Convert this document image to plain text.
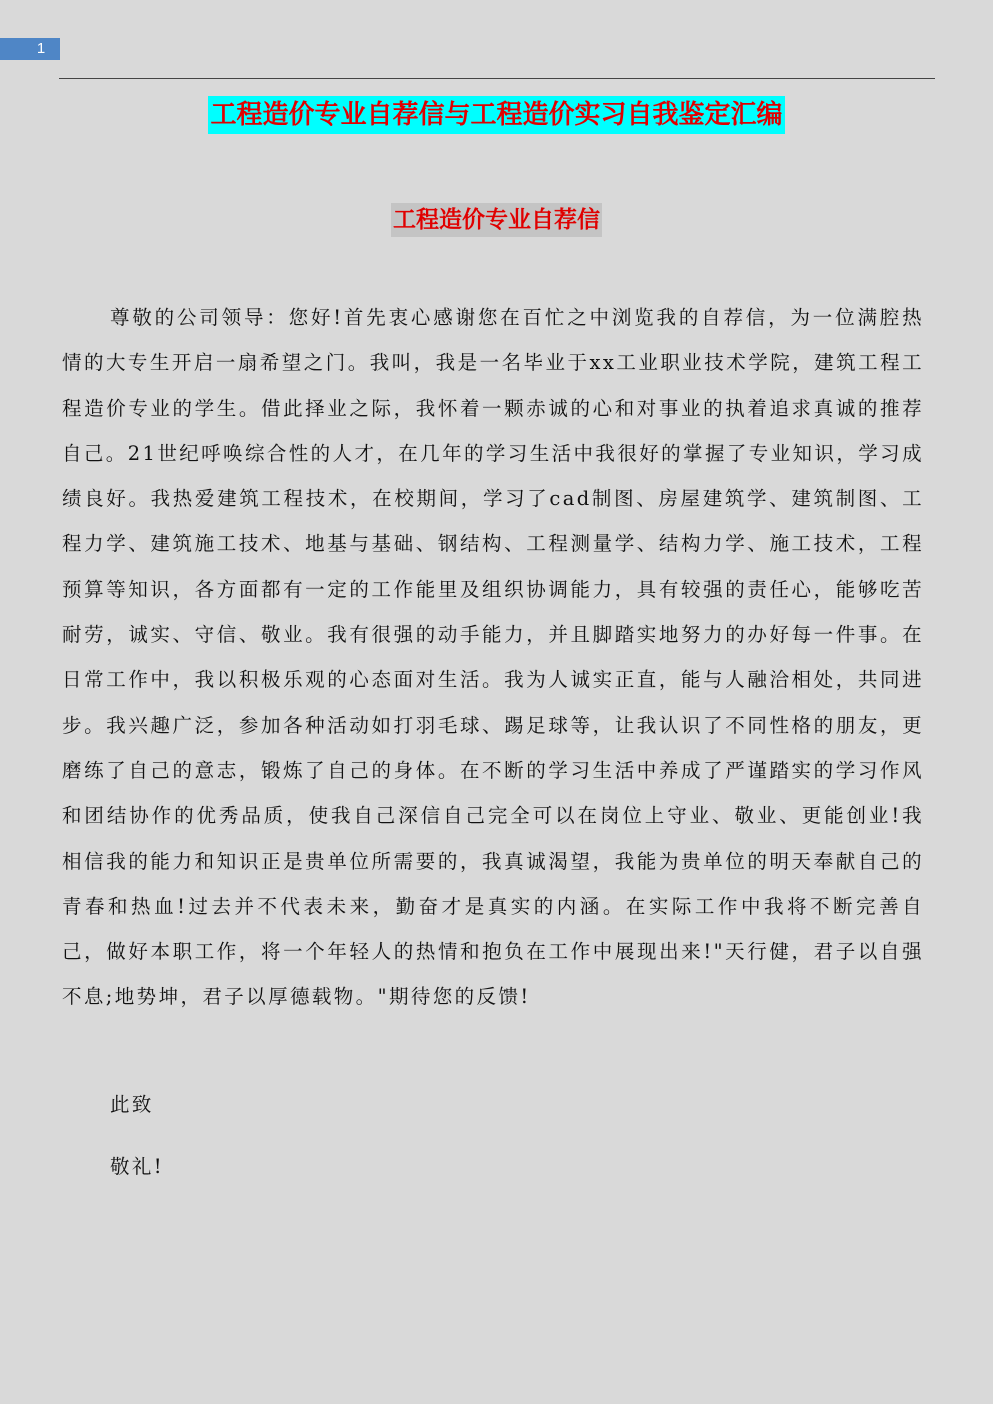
1
工程造价专业自荐信与工程造价实习自我鉴定汇编
工程造价专业自荐信

尊敬的公司领导：您好!首先衷心感谢您在百忙之中浏览我的自荐信，为一位满腔热情的大专生开启一扇希望之门。我叫，我是一名毕业于xx工业职业技术学院，建筑工程工程造价专业的学生。借此择业之际，我怀着一颗赤诚的心和对事业的执着追求真诚的推荐自己。21世纪呼唤综合性的人才，在几年的学习生活中我很好的掌握了专业知识，学习成绩良好。我热爱建筑工程技术，在校期间，学习了cad制图、房屋建筑学、建筑制图、工程力学、建筑施工技术、地基与基础、钢结构、工程测量学、结构力学、施工技术，工程预算等知识，各方面都有一定的工作能里及组织协调能力，具有较强的责任心，能够吃苦耐劳，诚实、守信、敬业。我有很强的动手能力，并且脚踏实地努力的办好每一件事。在日常工作中，我以积极乐观的心态面对生活。我为人诚实正直，能与人融洽相处，共同进步。我兴趣广泛，参加各种活动如打羽毛球、踢足球等，让我认识了不同性格的朋友，更磨练了自己的意志，锻炼了自己的身体。在不断的学习生活中养成了严谨踏实的学习作风和团结协作的优秀品质，使我自己深信自己完全可以在岗位上守业、敬业、更能创业!我相信我的能力和知识正是贵单位所需要的，我真诚渴望，我能为贵单位的明天奉献自己的青春和热血!过去并不代表未来，勤奋才是真实的内涵。在实际工作中我将不断完善自己，做好本职工作，将一个年轻人的热情和抱负在工作中展现出来!"天行健，君子以自强不息;地势坤，君子以厚德载物。"期待您的反馈!

此致

敬礼!
